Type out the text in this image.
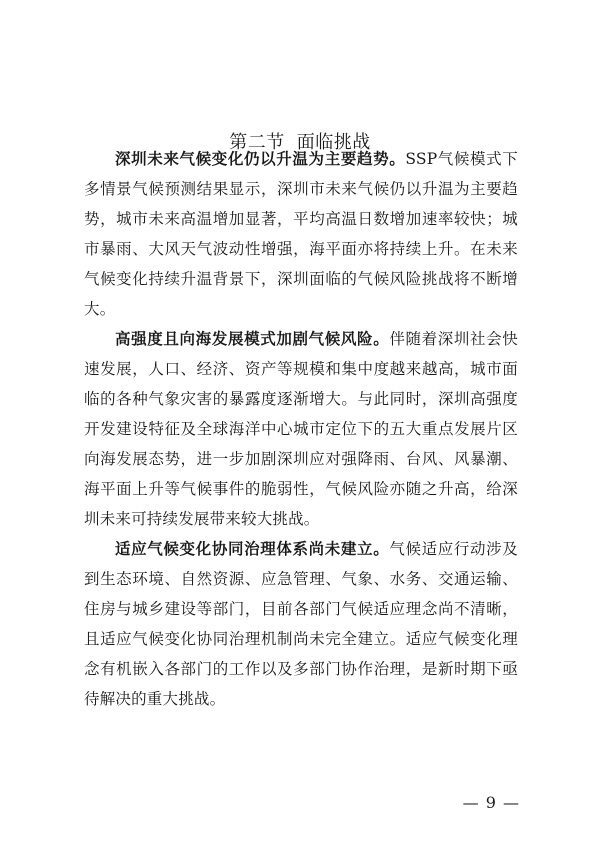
第二节 面临挑战

深圳未来气候变化仍以升温为主要趋势。SSP气候模式下多情景气候预测结果显示，深圳市未来气候仍以升温为主要趋势，城市未来高温增加显著，平均高温日数增加速率较快；城市暴雨、大风天气波动性增强，海平面亦将持续上升。在未来气候变化持续升温背景下，深圳面临的气候风险挑战将不断增大。

高强度且向海发展模式加剧气候风险。伴随着深圳社会快速发展，人口、经济、资产等规模和集中度越来越高，城市面临的各种气象灾害的暴露度逐渐增大。与此同时，深圳高强度开发建设特征及全球海洋中心城市定位下的五大重点发展片区向海发展态势，进一步加剧深圳应对强降雨、台风、风暴潮、海平面上升等气候事件的脆弱性，气候风险亦随之升高，给深圳未来可持续发展带来较大挑战。

适应气候变化协同治理体系尚未建立。气候适应行动涉及到生态环境、自然资源、应急管理、气象、水务、交通运输、住房与城乡建设等部门，目前各部门气候适应理念尚不清晰，且适应气候变化协同治理机制尚未完全建立。适应气候变化理念有机嵌入各部门的工作以及多部门协作治理，是新时期下亟待解决的重大挑战。

— 9 —
